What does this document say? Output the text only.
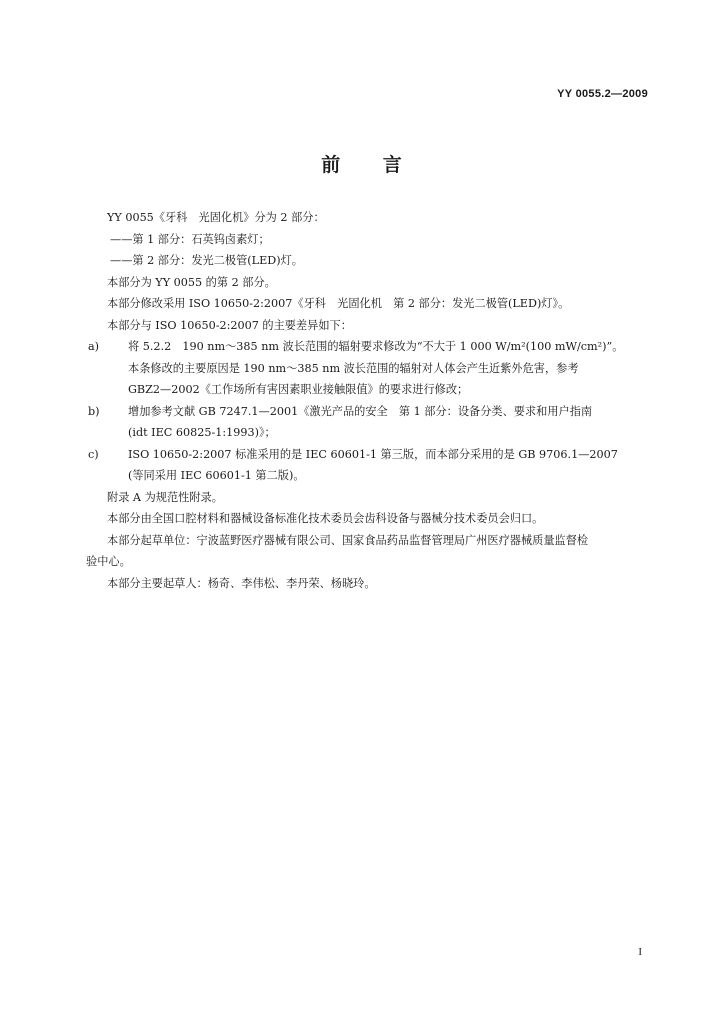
YY 0055.2—2009
前 言

YY 0055《牙科　光固化机》分为 2 部分：

——第 1 部分：石英钨卤素灯；

——第 2 部分：发光二极管(LED)灯。

本部分为 YY 0055 的第 2 部分。

本部分修改采用 ISO 10650-2:2007《牙科　光固化机　第 2 部分：发光二极管(LED)灯》。

本部分与 ISO 10650-2:2007 的主要差异如下：

a)	将 5.2.2　190 nm～385 nm 波长范围的辐射要求修改为“不大于 1 000 W/m²(100 mW/cm²)”。
本条修改的主要原因是 190 nm～385 nm 波长范围的辐射对人体会产生近紫外危害，参考
GBZ2—2002《工作场所有害因素职业接触限值》的要求进行修改；
b)	增加参考文献 GB 7247.1—2001《激光产品的安全　第 1 部分：设备分类、要求和用户指南
(idt IEC 60825-1:1993)》；
c)	ISO 10650-2:2007 标准采用的是 IEC 60601-1 第三版，而本部分采用的是 GB 9706.1—2007
(等同采用 IEC 60601-1 第二版)。

附录 A 为规范性附录。

本部分由全国口腔材料和器械设备标准化技术委员会齿科设备与器械分技术委员会归口。

本部分起草单位：宁波蓝野医疗器械有限公司、国家食品药品监督管理局广州医疗器械质量监督检
验中心。

本部分主要起草人：杨奇、李伟松、李丹荣、杨晓玲。

I
